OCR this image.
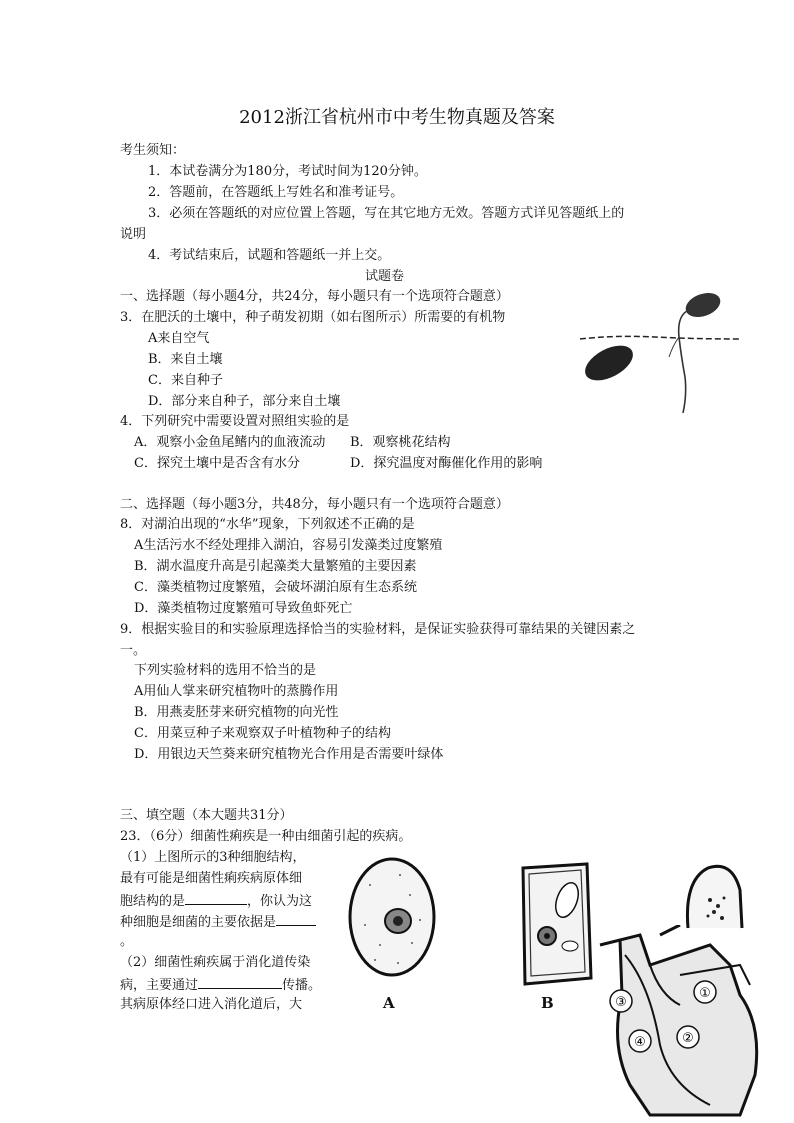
2012浙江省杭州市中考生物真题及答案
考生须知：
1．本试卷满分为180分，考试时间为120分钟。
2．答题前，在答题纸上写姓名和准考证号。
3．必须在答题纸的对应位置上答题，写在其它地方无效。答题方式详见答题纸上的
说明
4．考试结束后，试题和答题纸一并上交。
试题卷
一、选择题（每小题4分，共24分，每小题只有一个选项符合题意）
3．在肥沃的土壤中，种子萌发初期（如右图所示）所需要的有机物
A来自空气
B．来自土壤
C．来自种子
D．部分来自种子，部分来自土壤
4．下列研究中需要设置对照组实验的是
A．观察小金鱼尾鳍内的血液流动 B．观察桃花结构
C．探究土壤中是否含有水分	D．探究温度对酶催化作用的影响
二、选择题（每小题3分，共48分，每小题只有一个选项符合题意）
8．对湖泊出现的“水华”现象，下列叙述不正确的是
A生活污水不经处理排入湖泊，容易引发藻类过度繁殖
B．湖水温度升高是引起藻类大量繁殖的主要因素
C．藻类植物过度繁殖，会破坏湖泊原有生态系统
D．藻类植物过度繁殖可导致鱼虾死亡
9．根据实验目的和实验原理选择恰当的实验材料，是保证实验获得可靠结果的关键因素之
一。
下列实验材料的选用不恰当的是
A用仙人掌来研究植物叶的蒸腾作用
B．用燕麦胚芽来研究植物的向光性
C．用菜豆种子来观察双子叶植物种子的结构
D．用银边天竺葵来研究植物光合作用是否需要叶绿体
三、填空题（本大题共31分）
23．（6分）细菌性痢疾是一种由细菌引起的疾病。
（1）上图所示的3种细胞结构，
最有可能是细菌性痢疾病原体细
胞结构的是	，你认为这
种细胞是细菌的主要依据是
。
（2）细菌性痢疾属于消化道传染
病，主要通过	传播。
其病原体经口进入消化道后，大	A	B
①
②
③
④
